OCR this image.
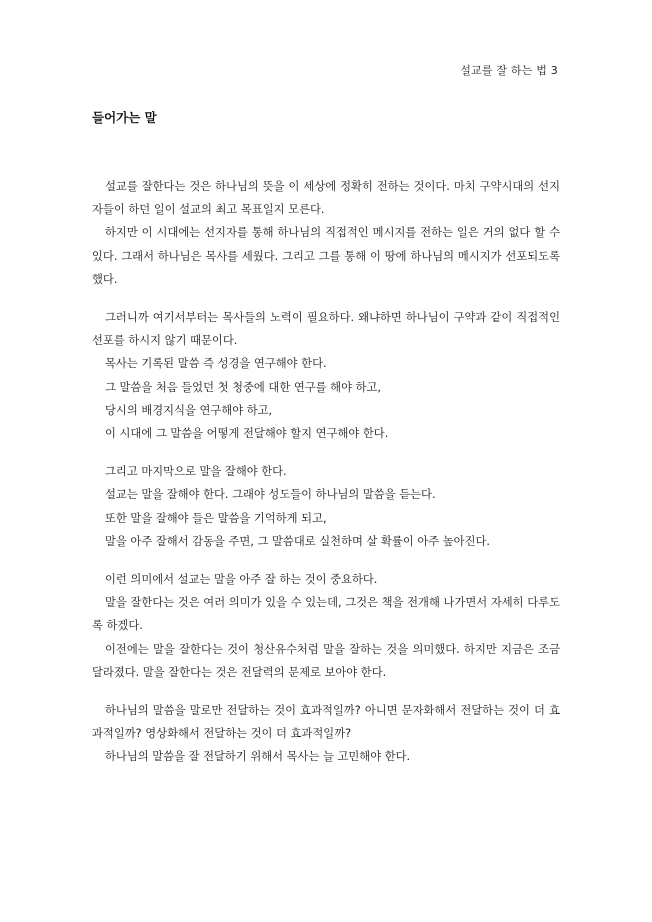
설교를 잘 하는 법 3
들어가는 말

설교를 잘한다는 것은 하나님의 뜻을 이 세상에 정확히 전하는 것이다. 마치 구약시대의 선지자들이 하던 일이 설교의 최고 목표일지 모른다.

하지만 이 시대에는 선지자를 통해 하나님의 직접적인 메시지를 전하는 일은 거의 없다 할 수 있다. 그래서 하나님은 목사를 세웠다. 그리고 그를 통해 이 땅에 하나님의 메시지가 선포되도록 했다.

그러니까 여기서부터는 목사들의 노력이 필요하다. 왜냐하면 하나님이 구약과 같이 직접적인 선포를 하시지 않기 때문이다.

목사는 기록된 말씀 즉 성경을 연구해야 한다.

그 말씀을 처음 들었던 첫 청중에 대한 연구를 해야 하고,

당시의 배경지식을 연구해야 하고,

이 시대에 그 말씀을 어떻게 전달해야 할지 연구해야 한다.

그리고 마지막으로 말을 잘해야 한다.

설교는 말을 잘해야 한다. 그래야 성도들이 하나님의 말씀을 듣는다.

또한 말을 잘해야 들은 말씀을 기억하게 되고,

말을 아주 잘해서 감동을 주면, 그 말씀대로 실천하며 살 확률이 아주 높아진다.

이런 의미에서 설교는 말을 아주 잘 하는 것이 중요하다.

말을 잘한다는 것은 여러 의미가 있을 수 있는데, 그것은 책을 전개해 나가면서 자세히 다루도록 하겠다.

이전에는 말을 잘한다는 것이 청산유수처럼 말을 잘하는 것을 의미했다. 하지만 지금은 조금 달라졌다. 말을 잘한다는 것은 전달력의 문제로 보아야 한다.

하나님의 말씀을 말로만 전달하는 것이 효과적일까? 아니면 문자화해서 전달하는 것이 더 효과적일까? 영상화해서 전달하는 것이 더 효과적일까?

하나님의 말씀을 잘 전달하기 위해서 목사는 늘 고민해야 한다.
